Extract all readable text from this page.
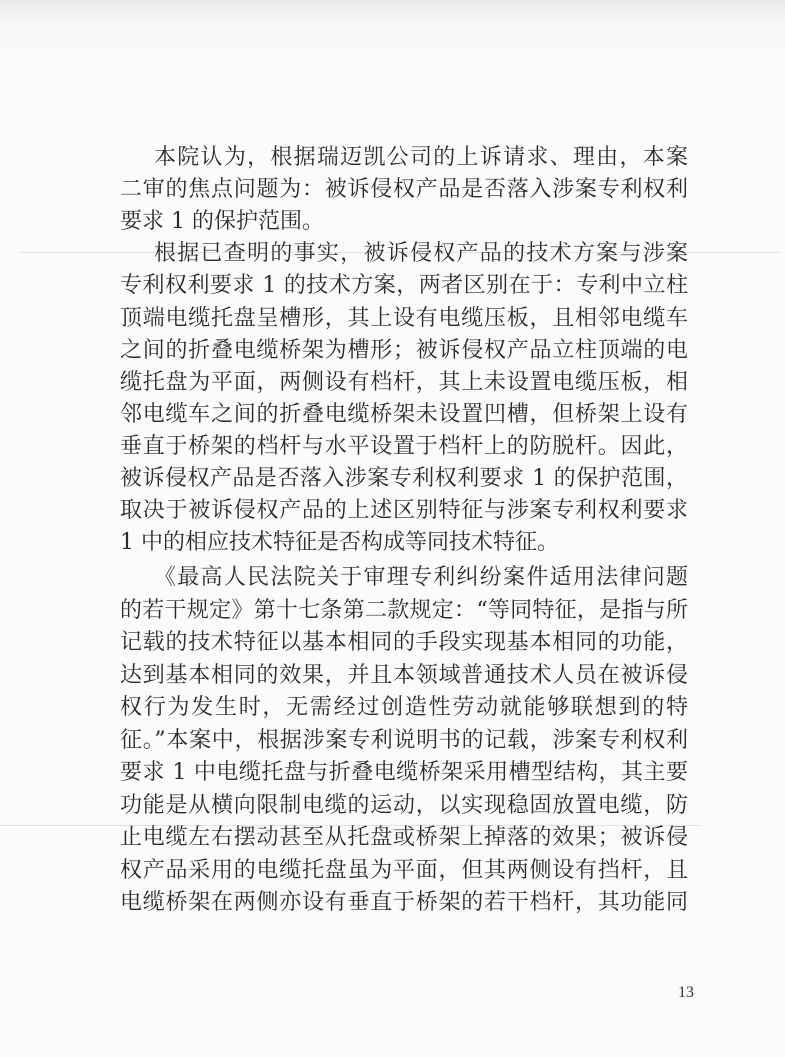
本院认为，根据瑞迈凯公司的上诉请求、理由，本案
二审的焦点问题为：被诉侵权产品是否落入涉案专利权利
要求 1 的保护范围。
根据已查明的事实，被诉侵权产品的技术方案与涉案
专利权利要求 1 的技术方案，两者区别在于：专利中立柱
顶端电缆托盘呈槽形，其上设有电缆压板，且相邻电缆车
之间的折叠电缆桥架为槽形；被诉侵权产品立柱顶端的电
缆托盘为平面，两侧设有档杆，其上未设置电缆压板，相
邻电缆车之间的折叠电缆桥架未设置凹槽，但桥架上设有
垂直于桥架的档杆与水平设置于档杆上的防脱杆。因此，
被诉侵权产品是否落入涉案专利权利要求 1 的保护范围，
取决于被诉侵权产品的上述区别特征与涉案专利权利要求
1 中的相应技术特征是否构成等同技术特征。
《最高人民法院关于审理专利纠纷案件适用法律问题
的若干规定》第十七条第二款规定：“等同特征，是指与所
记载的技术特征以基本相同的手段实现基本相同的功能，
达到基本相同的效果，并且本领域普通技术人员在被诉侵
权行为发生时，无需经过创造性劳动就能够联想到的特
征。”本案中，根据涉案专利说明书的记载，涉案专利权利
要求 1 中电缆托盘与折叠电缆桥架采用槽型结构，其主要
功能是从横向限制电缆的运动，以实现稳固放置电缆，防
止电缆左右摆动甚至从托盘或桥架上掉落的效果；被诉侵
权产品采用的电缆托盘虽为平面，但其两侧设有挡杆，且
电缆桥架在两侧亦设有垂直于桥架的若干档杆，其功能同
13
